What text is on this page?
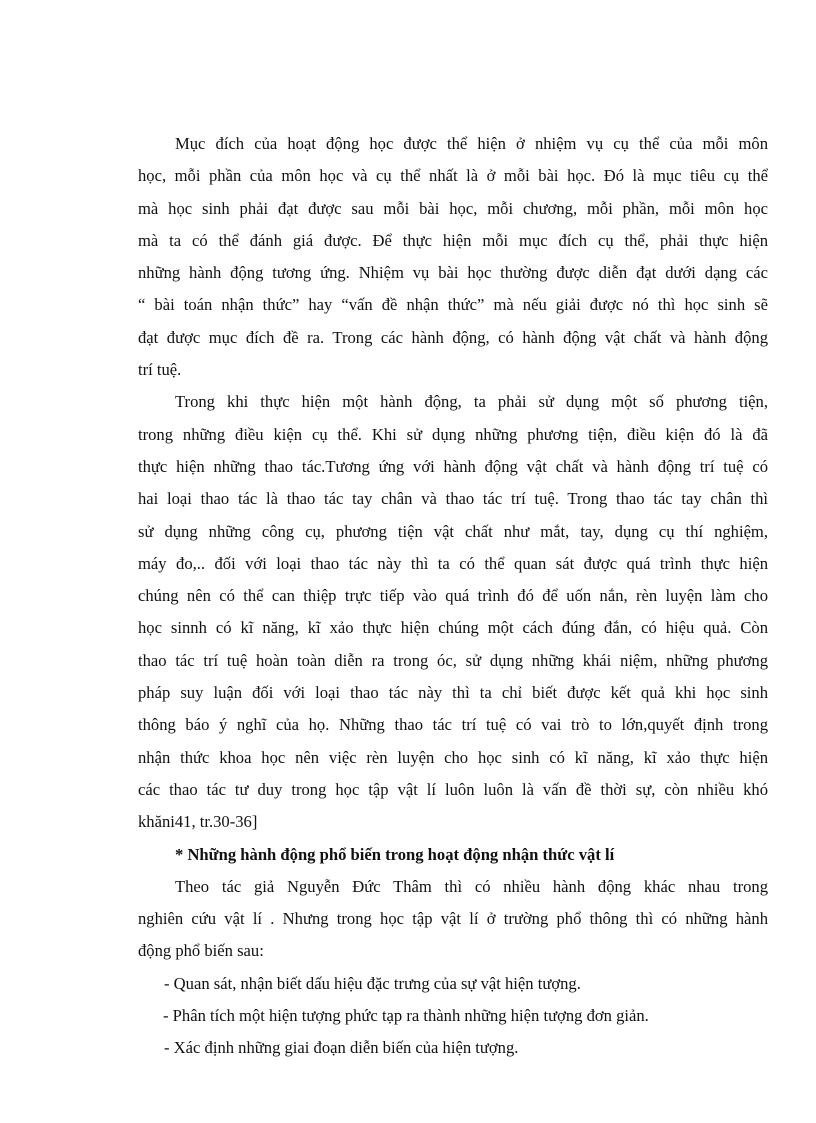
Mục đích của hoạt động học được thể hiện ở nhiệm vụ cụ thể của mỗi môn
học, mỗi phần của môn học và cụ thể nhất là ở mỗi bài học. Đó là mục tiêu cụ thể
mà học sinh phải đạt được sau mỗi bài học, mỗi chương, mỗi phần, mỗi môn học
mà ta có thể đánh giá được. Để thực hiện mỗi mục đích cụ thể, phải thực hiện
những hành động tương ứng. Nhiệm vụ bài học thường được diễn đạt dưới dạng các
“ bài toán nhận thức” hay “vấn đề nhận thức” mà nếu giải được nó thì học sinh sẽ
đạt được mục đích đề ra. Trong các hành động, có hành động vật chất và hành động
trí tuệ.
Trong khi thực hiện một hành động, ta phải sử dụng một số phương tiện,
trong những điều kiện cụ thể. Khi sử dụng những phương tiện, điều kiện đó là đã
thực hiện những thao tác.Tương ứng với hành động vật chất và hành động trí tuệ có
hai loại thao tác là thao tác tay chân và thao tác trí tuệ. Trong thao tác tay chân thì
sử dụng những công cụ, phương tiện vật chất như mắt, tay, dụng cụ thí nghiệm,
máy đo,.. đối với loại thao tác này thì ta có thể quan sát được quá trình thực hiện
chúng nên có thể can thiệp trực tiếp vào quá trình đó để uốn nắn, rèn luyện làm cho
học sinnh có kĩ năng, kĩ xảo thực hiện chúng một cách đúng đắn, có hiệu quả. Còn
thao tác trí tuệ hoàn toàn diễn ra trong óc, sử dụng những khái niệm, những phương
pháp suy luận đối với loại thao tác này thì ta chỉ biết được kết quả khi học sinh
thông báo ý nghĩ của họ. Những thao tác trí tuệ có vai trò to lớn,quyết định trong
nhận thức khoa học nên việc rèn luyện cho học sinh có kĩ năng, kĩ xảo thực hiện
các thao tác tư duy trong học tập vật lí luôn luôn là vấn đề thời sự, còn nhiều khó
khăni41, tr.30-36]
* Những hành động phổ biến trong hoạt động nhận thức vật lí
Theo tác giả Nguyễn Đức Thâm thì có nhiều hành động khác nhau trong
nghiên cứu vật lí . Nhưng trong học tập vật lí ở trường phổ thông thì có những hành
động phổ biến sau:
- Quan sát, nhận biết dấu hiệu đặc trưng của sự vật hiện tượng.
- Phân tích một hiện tượng phức tạp ra thành những hiện tượng đơn giản.
- Xác định những giai đoạn diễn biến của hiện tượng.
